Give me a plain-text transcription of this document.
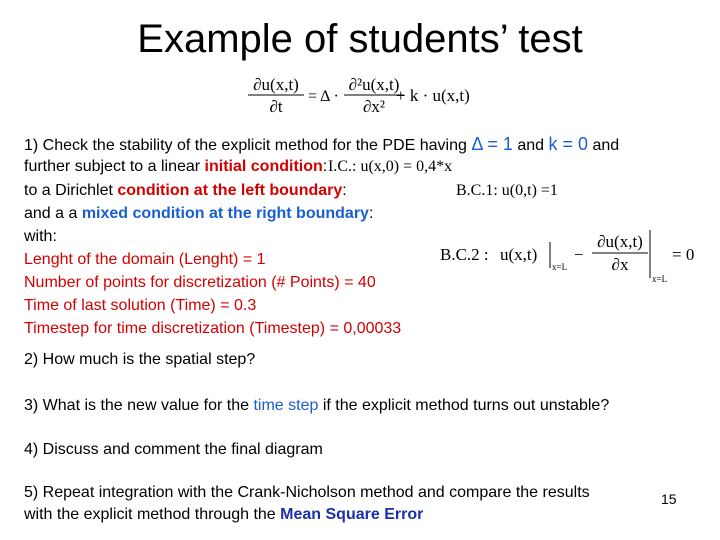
Example of students’ test
∂u(x,t)
∂t
= Δ ·
∂²u(x,t)
∂x²
+ k · u(x,t)
1) Check the stability of the explicit method for the PDE having Δ = 1 and k = 0 and
further subject to a linear initial condition: I.C.: u(x,0) = 0,4*x
to a Dirichlet condition at the left boundary:	B.C.1: u(0,t) =1
and a a mixed condition at the right boundary:
with:
Lenght of the domain (Lenght) = 1
Number of points for discretization (# Points) = 40
Time of last solution (Time) = 0.3
Timestep for time discretization (Timestep) = 0,00033
B.C.2 : u(x,t)
x=L
−
∂u(x,t)
∂x
x=L
= 0
2) How much is the spatial step?
3) What is the new value for the time step if the explicit method turns out unstable?
4) Discuss and comment the final diagram
5) Repeat integration with the Crank-Nicholson method and compare the results
with the explicit method through the Mean Square Error
15
